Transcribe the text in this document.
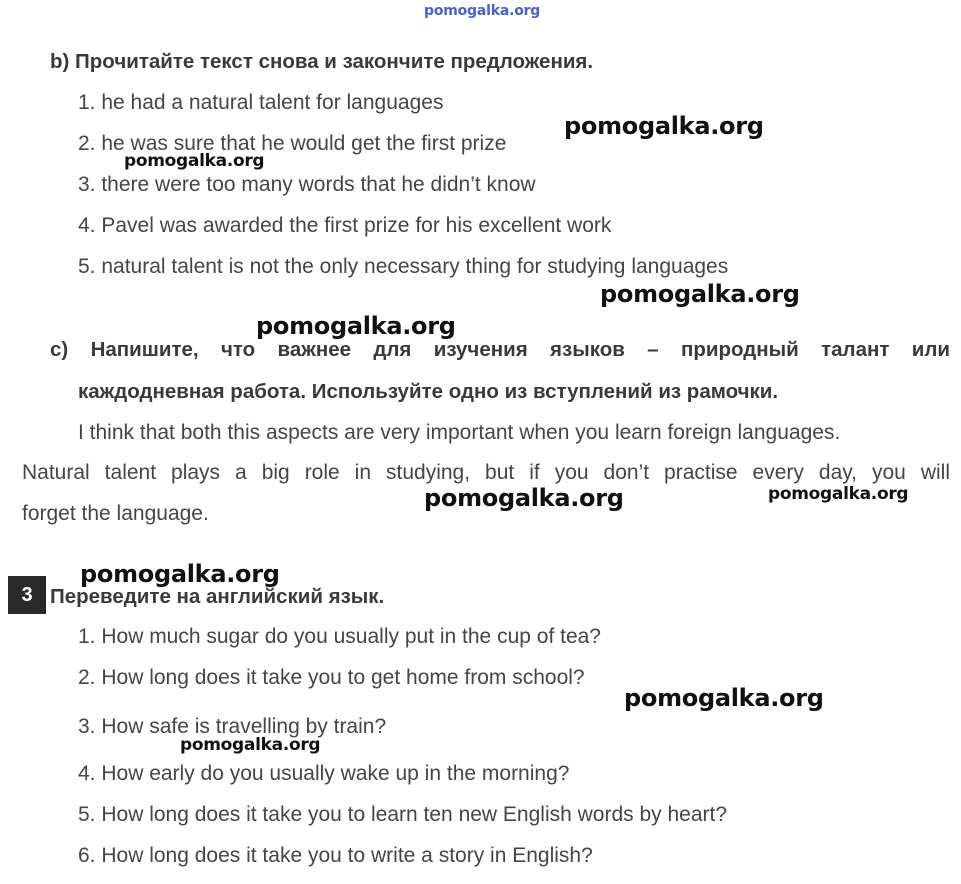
pomogalka.org
b) Прочитайте текст снова и закончите предложения.
1. he had a natural talent for languages
2. he was sure that he would get the first prize
3. there were too many words that he didn’t know
4. Pavel was awarded the first prize for his excellent work
5. natural talent is not the only necessary thing for studying languages
c) Напишите, что важнее для изучения языков – природный талант или
каждодневная работа. Используйте одно из вступлений из рамочки.
I think that both this aspects are very important when you learn foreign languages.
Natural talent plays a big role in studying, but if you don’t practise every day, you will
forget the language.
3 Переведите на английский язык.
1. How much sugar do you usually put in the cup of tea?
2. How long does it take you to get home from school?
3. How safe is travelling by train?
4. How early do you usually wake up in the morning?
5. How long does it take you to learn ten new English words by heart?
6. How long does it take you to write a story in English?
pomogalka.org
pomogalka.org
pomogalka.org
pomogalka.org
pomogalka.org	pomogalka.org
pomogalka.org
pomogalka.org
pomogalka.org
